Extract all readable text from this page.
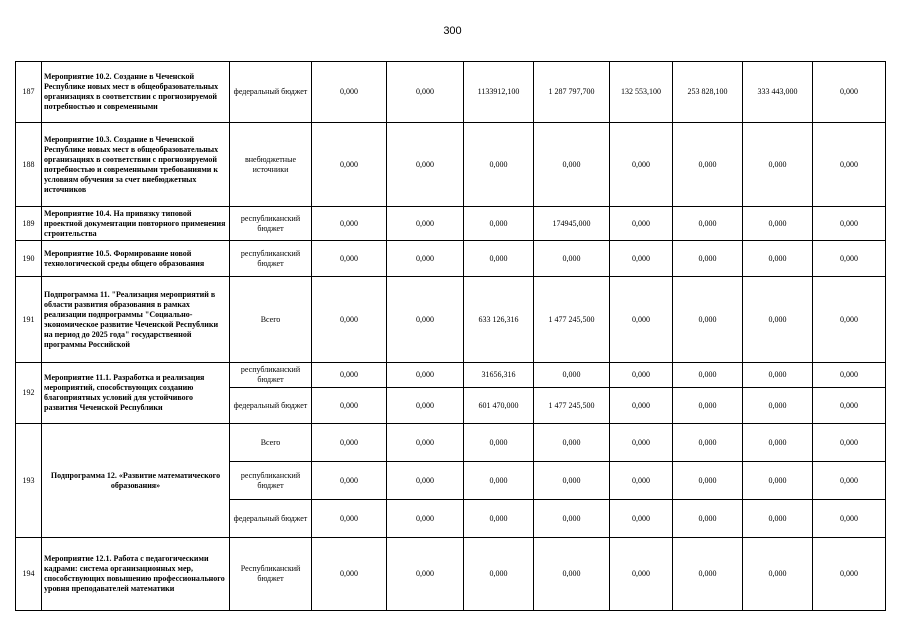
300
187	Мероприятие 10.2. Создание в Чеченской Республике новых мест в общеобразовательных организациях в соответствии с прогнозируемой потребностью и современными	федеральный бюджет	0,000	0,000	1133912,100	1 287 797,700	132 553,100	253 828,100	333 443,000	0,000
188	Мероприятие 10.3. Создание в Чеченской Республике новых мест в общеобразовательных организациях в соответствии с прогнозируемой потребностью и современными требованиями к условиям обучения за счет внебюджетных источников	внебюджетные источники	0,000	0,000	0,000	0,000	0,000	0,000	0,000	0,000
189	Мероприятие 10.4. На привязку типовой проектной документации повторного применения строительства	республиканский бюджет	0,000	0,000	0,000	174945,000	0,000	0,000	0,000	0,000
190	Мероприятие 10.5. Формирование новой технологической среды общего образования	республиканский бюджет	0,000	0,000	0,000	0,000	0,000	0,000	0,000	0,000
191	Подпрограмма 11. "Реализация мероприятий в области развития образования в рамках реализации подпрограммы "Социально-экономическое развитие Чеченской Республики на период до 2025 года" государственной программы Российской	Всего	0,000	0,000	633 126,316	1 477 245,500	0,000	0,000	0,000	0,000
192	Мероприятие 11.1. Разработка и реализация мероприятий, способствующих созданию благоприятных условий для устойчивого развития Чеченской Республики	республиканский бюджет	0,000	0,000	31656,316	0,000	0,000	0,000	0,000	0,000
		федеральный бюджет	0,000	0,000	601 470,000	1 477 245,500	0,000	0,000	0,000	0,000
193	Подпрограмма 12. «Развитие математического образования»	Всего	0,000	0,000	0,000	0,000	0,000	0,000	0,000	0,000
		республиканский бюджет	0,000	0,000	0,000	0,000	0,000	0,000	0,000	0,000
		федеральный бюджет	0,000	0,000	0,000	0,000	0,000	0,000	0,000	0,000
194	Мероприятие 12.1. Работа с педагогическими кадрами: система организационных мер, способствующих повышению профессионального уровня преподавателей математики	Республиканский бюджет	0,000	0,000	0,000	0,000	0,000	0,000	0,000	0,000
